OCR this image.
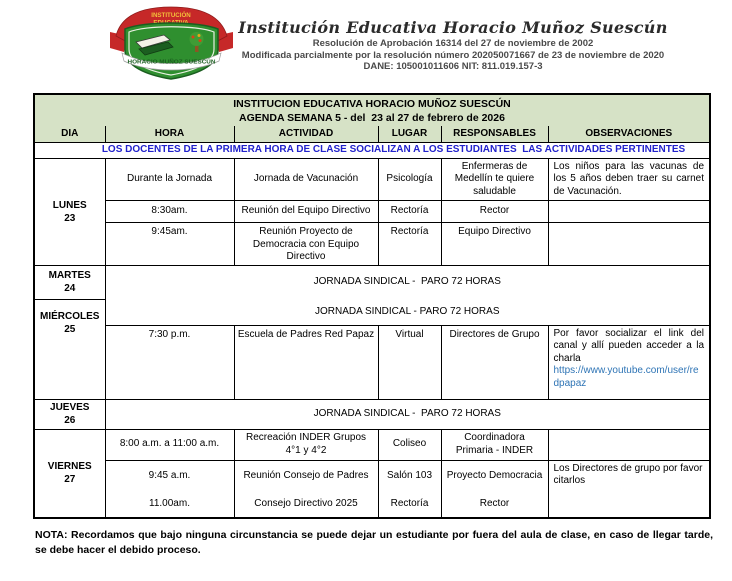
INSTITUCIÓN
HORACIO MUÑOZ SUESCÚN
Institución Educativa Horacio Muñoz Suescún
Resolución de Aprobación 16314 del 27 de noviembre de 2002
Modificada parcialmente por la resolución número 202050071667 de 23 de noviembre de 2020
DANE: 105001011606 NIT: 811.019.157-3
INSTITUCION EDUCATIVA HORACIO MUÑOZ SUESCÚN
AGENDA SEMANA 5 - del  23 al 27 de febrero de 2026					

DIA	HORA	ACTIVIDAD	LUGAR	RESPONSABLES	OBSERVACIONES
LOS DOCENTES DE LA PRIMERA HORA DE CLASE SOCIALIZAN A LOS ESTUDIANTES  LAS ACTIVIDADES PERTINENTES					

LUNES
23	Durante la Jornada	Jornada de Vacunación	Psicología	Enfermeras de Medellín te quiere saludable	Los niños para las vacunas de los 5 años deben traer su carnet de Vacunación.
	8:30am.	Reunión del Equipo Directivo	Rectoría	Rector	
	9:45am.	Reunión Proyecto de Democracia con Equipo Directivo	Rectoría	Equipo Directivo	

MARTES
24	JORNADA SINDICAL -  PARO 72 HORAS				

MIÉRCOLES
25	JORNADA SINDICAL - PARO 72 HORAS				
	7:30 p.m.	Escuela de Padres Red Papaz	Virtual	Directores de Grupo	Por favor socializar el link del canal y allí pueden acceder a la charla
https://www.youtube.com/user/redpapaz

JUEVES
26	JORNADA SINDICAL -  PARO 72 HORAS				

VIERNES
27	8:00 a.m. a 11:00 a.m.	Recreación INDER Grupos 4°1 y 4°2	Coliseo	Coordinadora Primaria - INDER	
	9:45 a.m.	Reunión Consejo de Padres	Salón 103	Proyecto Democracia	Los Directores de grupo por favor citarlos
	11.00am.	Consejo Directivo 2025	Rectoría	Rector	
NOTA: Recordamos que bajo ninguna circunstancia se puede dejar un estudiante por fuera del aula de clase, en caso de llegar tarde, se debe hacer el debido proceso.
